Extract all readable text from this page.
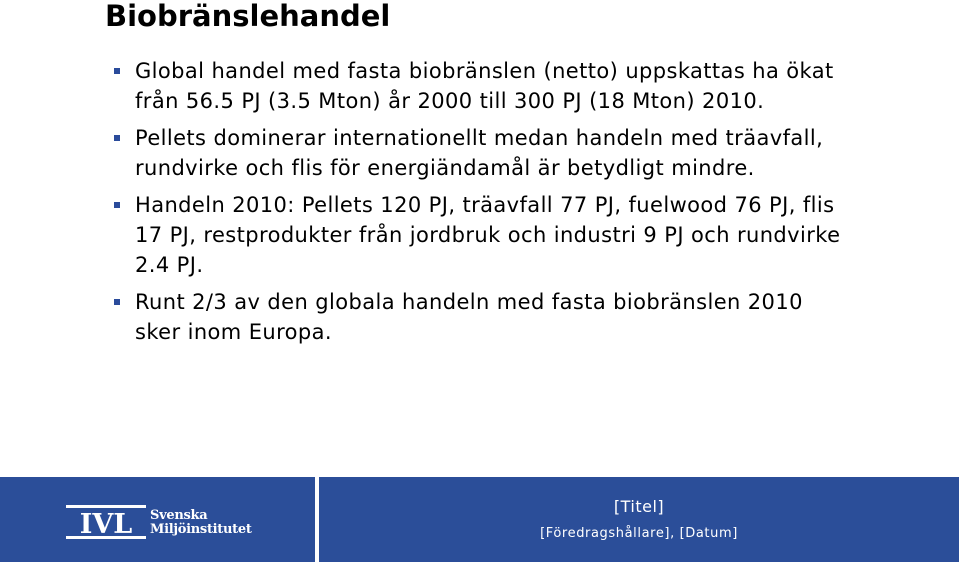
Biobränslehandel
Global handel med fasta biobränslen (netto) uppskattas ha ökat från 56.5 PJ (3.5 Mton) år 2000 till 300 PJ (18 Mton) 2010.
Pellets dominerar internationellt medan handeln med träavfall, rundvirke och flis för energiändamål är betydligt mindre.
Handeln 2010: Pellets 120 PJ, träavfall 77 PJ, fuelwood 76 PJ, flis 17 PJ, restprodukter från jordbruk och industri 9 PJ och rundvirke 2.4 PJ.
Runt 2/3 av den globala handeln med fasta biobränslen 2010 sker inom Europa.
IVL Svenska
Miljöinstitutet
[Titel]
[Föredragshållare], [Datum]
